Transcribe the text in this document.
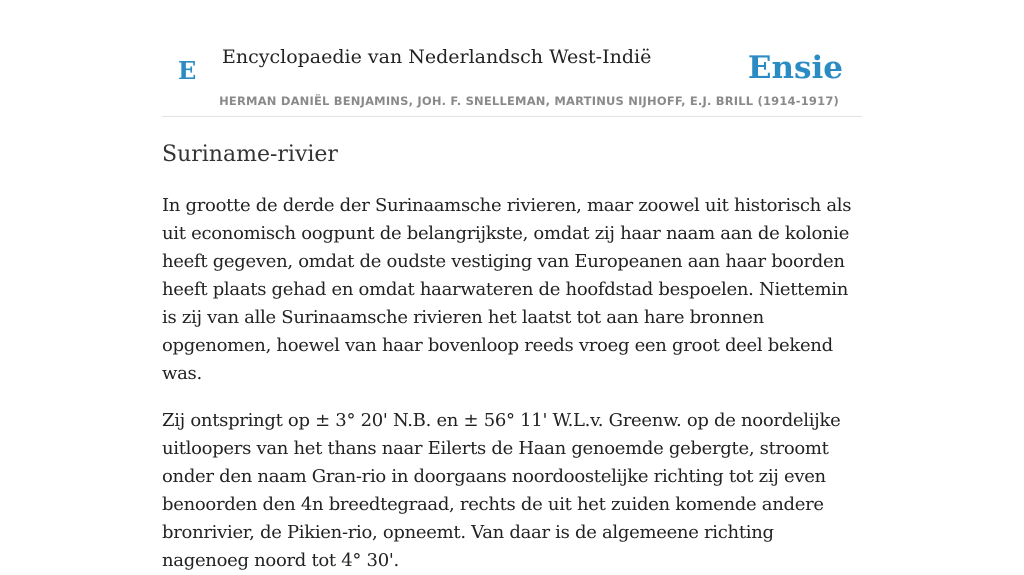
E Encyclopaedie van Nederlandsch West-Indië	Ensie
HERMAN DANIËL BENJAMINS, JOH. F. SNELLEMAN, MARTINUS NIJHOFF, E.J. BRILL (1914-1917)
Suriname-rivier

In grootte de derde der Surinaamsche rivieren, maar zoowel uit historisch als uit economisch oogpunt de belangrijkste, omdat zij haar naam aan de kolonie heeft gegeven, omdat de oudste vestiging van Europeanen aan haar boorden heeft plaats gehad en omdat haarwateren de hoofdstad bespoelen. Niettemin is zij van alle Surinaamsche rivieren het laatst tot aan hare bronnen opgenomen, hoewel van haar bovenloop reeds vroeg een groot deel bekend was.

Zij ontspringt op ± 3° 20' N.B. en ± 56° 11' W.L.v. Greenw. op de noordelijke uitloopers van het thans naar Eilerts de Haan genoemde gebergte, stroomt onder den naam Gran-rio in doorgaans noordoostelijke richting tot zij even benoorden den 4n breedtegraad, rechts de uit het zuiden komende andere bronrivier, de Pikien-rio, opneemt. Van daar is de algemeene richting nagenoeg noord tot 4° 30'.
